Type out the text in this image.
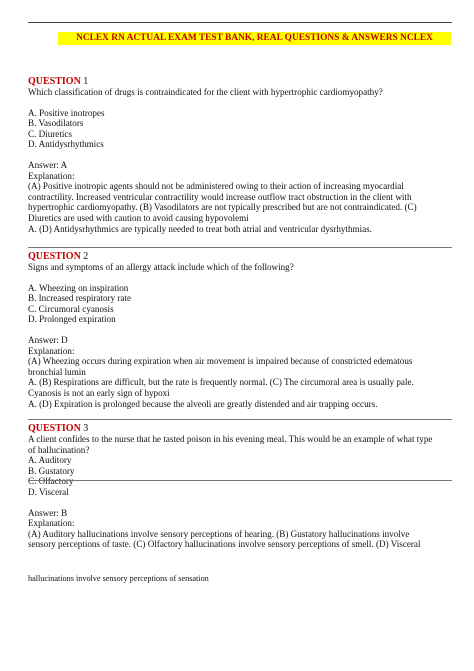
NCLEX RN ACTUAL EXAM TEST BANK, REAL QUESTIONS & ANSWERS NCLEX

QUESTION 1

Which classification of drugs is contraindicated for the client with hypertrophic cardiomyopathy?

A. Positive inotropes

B. Vasodilators

C. Diuretics

D. Antidysrhythmics

Answer: A

Explanation:

(A) Positive inotropic agents should not be administered owing to their action of increasing myocardial

contractility. Increased ventricular contractility would increase outflow tract obstruction in the client with

hypertrophic cardiomyopathy. (B) Vasodilators are not typically prescribed but are not contraindicated. (C)

Diuretics are used with caution to avoid causing hypovolemi

A. (D) Antidysrhythmics are typically needed to treat both atrial and ventricular dysrhythmias.

QUESTION 2

Signs and symptoms of an allergy attack include which of the following?

A. Wheezing on inspiration

B. Increased respiratory rate

C. Circumoral cyanosis

D. Prolonged expiration

Answer: D

Explanation:

(A) Wheezing occurs during expiration when air movement is impaired because of constricted edematous

bronchial lumin

A. (B) Respirations are difficult, but the rate is frequently normal. (C) The circumoral area is usually pale.

Cyanosis is not an early sign of hypoxi

A. (D) Expiration is prolonged because the alveoli are greatly distended and air trapping occurs.

QUESTION 3

A client confides to the nurse that he tasted poison in his evening meal. This would be an example of what type

of hallucination?

A. Auditory

B. Gustatory

C. Olfactory

D. Visceral

Answer: B

Explanation:

(A) Auditory hallucinations involve sensory perceptions of hearing. (B) Gustatory hallucinations involve

sensory perceptions of taste. (C) Olfactory hallucinations involve sensory perceptions of smell. (D) Visceral

hallucinations involve sensory perceptions of sensation
